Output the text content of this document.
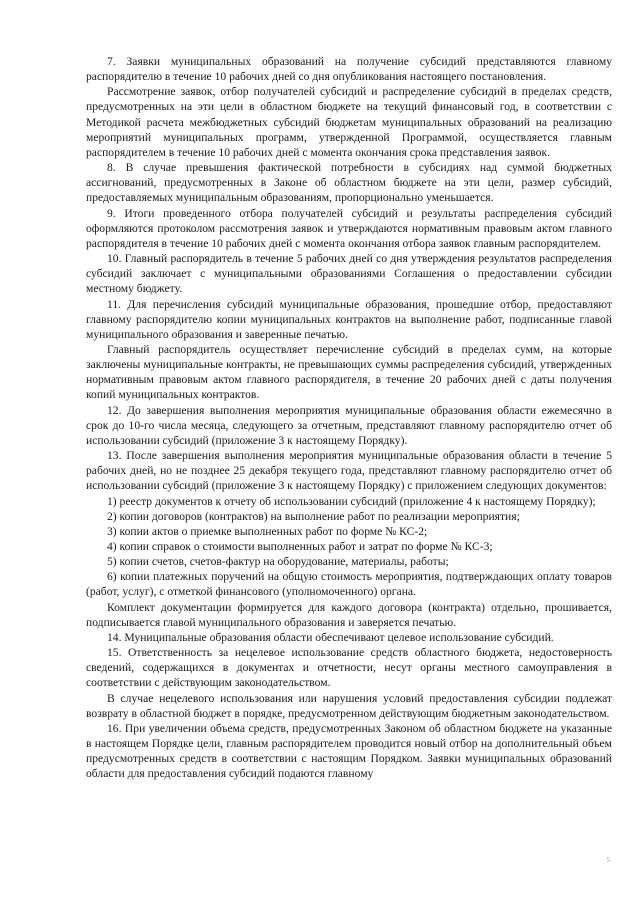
7. Заявки муниципальных образований на получение субсидий представляются главному распорядителю в течение 10 рабочих дней со дня опубликования настоящего постановления.

Рассмотрение заявок, отбор получателей субсидий и распределение субсидий в пределах средств, предусмотренных на эти цели в областном бюджете на текущий финансовый год, в соответствии с Методикой расчета межбюджетных субсидий бюджетам муниципальных образований на реализацию мероприятий муниципальных программ, утвержденной Программой, осуществляется главным распорядителем в течение 10 рабочих дней с момента окончания срока представления заявок.

8. В случае превышения фактической потребности в субсидиях над суммой бюджетных ассигнований, предусмотренных в Законе об областном бюджете на эти цели, размер субсидий, предоставляемых муниципальным образованиям, пропорционально уменьшается.

9. Итоги проведенного отбора получателей субсидий и результаты распределения субсидий оформляются протоколом рассмотрения заявок и утверждаются нормативным правовым актом главного распорядителя в течение 10 рабочих дней с момента окончания отбора заявок главным распорядителем.

10. Главный распорядитель в течение 5 рабочих дней со дня утверждения результатов распределения субсидий заключает с муниципальными образованиями Соглашения о предоставлении субсидии местному бюджету.

11. Для перечисления субсидий муниципальные образования, прошедшие отбор, предоставляют главному распорядителю копии муниципальных контрактов на выполнение работ, подписанные главой муниципального образования и заверенные печатью.

Главный распорядитель осуществляет перечисление субсидий в пределах сумм, на которые заключены муниципальные контракты, не превышающих суммы распределения субсидий, утвержденных нормативным правовым актом главного распорядителя, в течение 20 рабочих дней с даты получения копий муниципальных контрактов.

12. До завершения выполнения мероприятия муниципальные образования области ежемесячно в срок до 10-го числа месяца, следующего за отчетным, представляют главному распорядителю отчет об использовании субсидий (приложение 3 к настоящему Порядку).

13. После завершения выполнения мероприятия муниципальные образования области в течение 5 рабочих дней, но не позднее 25 декабря текущего года, представляют главному распорядителю отчет об использовании субсидий (приложение 3 к настоящему Порядку) с приложением следующих документов:

1) реестр документов к отчету об использовании субсидий (приложение 4 к настоящему Порядку);

2) копии договоров (контрактов) на выполнение работ по реализации мероприятия;

3) копии актов о приемке выполненных работ по форме № КС-2;

4) копии справок о стоимости выполненных работ и затрат по форме № КС-3;

5) копии счетов, счетов-фактур на оборудование, материалы, работы;

6) копии платежных поручений на общую стоимость мероприятия, подтверждающих оплату товаров (работ, услуг), с отметкой финансового (уполномоченного) органа.

Комплект документации формируется для каждого договора (контракта) отдельно, прошивается, подписывается главой муниципального образования и заверяется печатью.

14. Муниципальные образования области обеспечивают целевое использование субсидий.

15. Ответственность за нецелевое использование средств областного бюджета, недостоверность сведений, содержащихся в документах и отчетности, несут органы местного самоуправления в соответствии с действующим законодательством.

В случае нецелевого использования или нарушения условий предоставления субсидии подлежат возврату в областной бюджет в порядке, предусмотренном действующим бюджетным законодательством.

16. При увеличении объема средств, предусмотренных Законом об областном бюджете на указанные в настоящем Порядке цели, главным распорядителем проводится новый отбор на дополнительный объем предусмотренных средств в соответствии с настоящим Порядком. Заявки муниципальных образований области для предоставления субсидий подаются главному

5
